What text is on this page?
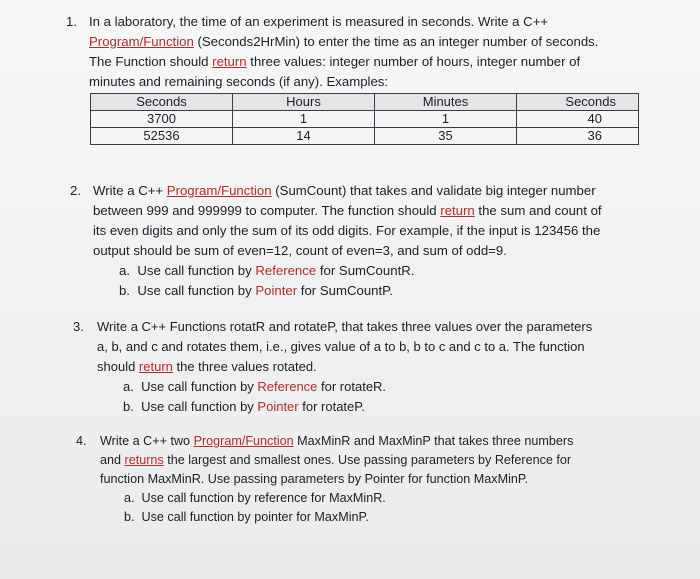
1. In a laboratory, the time of an experiment is measured in seconds. Write a C++
Program/Function (Seconds2HrMin) to enter the time as an integer number of seconds.
The Function should return three values: integer number of hours, integer number of
minutes and remaining seconds (if any). Examples:
Seconds	Hours	Minutes	Seconds
3700	1	1	40
52536	14	35	36
2. Write a C++ Program/Function (SumCount) that takes and validate big integer number
between 999 and 999999 to computer. The function should return the sum and count of
its even digits and only the sum of its odd digits. For example, if the input is 123456 the
output should be sum of even=12, count of even=3, and sum of odd=9.
a. Use call function by Reference for SumCountR.
b. Use call function by Pointer for SumCountP.
3. Write a C++ Functions rotatR and rotateP, that takes three values over the parameters
a, b, and c and rotates them, i.e., gives value of a to b, b to c and c to a. The function
should return the three values rotated.
a. Use call function by Reference for rotateR.
b. Use call function by Pointer for rotateP.
4. Write a C++ two Program/Function MaxMinR and MaxMinP that takes three numbers
and returns the largest and smallest ones. Use passing parameters by Reference for
function MaxMinR. Use passing parameters by Pointer for function MaxMinP.
a. Use call function by reference for MaxMinR.
b. Use call function by pointer for MaxMinP.
